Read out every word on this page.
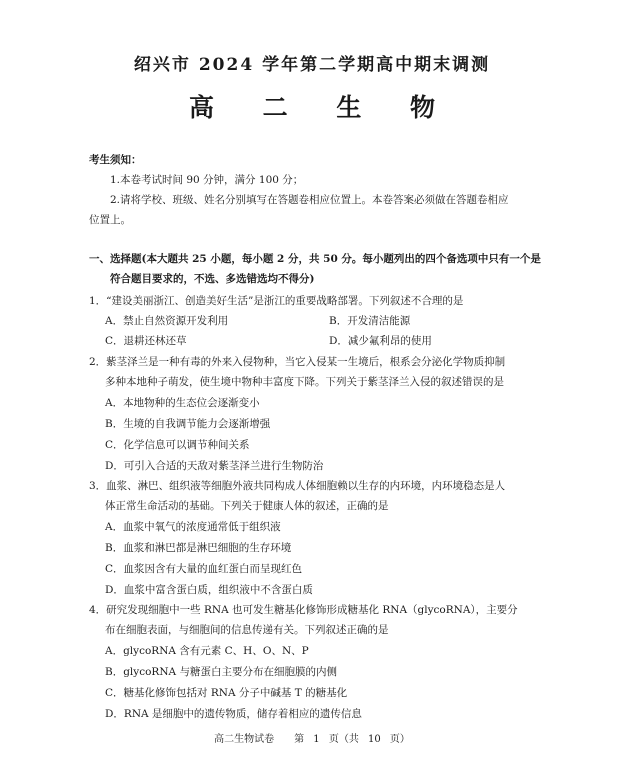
绍兴市 2024 学年第二学期高中期末调测
高 二 生 物
考生须知：
1.本卷考试时间 90 分钟，满分 100 分；
2.请将学校、班级、姓名分别填写在答题卷相应位置上。本卷答案必须做在答题卷相应
位置上。
一、选择题(本大题共 25 小题，每小题 2 分，共 50 分。每小题列出的四个备选项中只有一个是
符合题目要求的，不选、多选错选均不得分)
1．“建设美丽浙江、创造美好生活”是浙江的重要战略部署。下列叙述不合理的是
A．禁止自然资源开发利用	B．开发清洁能源
C．退耕还林还草	D．减少氟利昂的使用
2．紫茎泽兰是一种有毒的外来入侵物种，当它入侵某一生境后，根系会分泌化学物质抑制
多种本地种子萌发，使生境中物种丰富度下降。下列关于紫茎泽兰入侵的叙述错误的是
A．本地物种的生态位会逐渐变小
B．生境的自我调节能力会逐渐增强
C．化学信息可以调节种间关系
D．可引入合适的天敌对紫茎泽兰进行生物防治
3．血浆、淋巴、组织液等细胞外液共同构成人体细胞赖以生存的内环境，内环境稳态是人
体正常生命活动的基础。下列关于健康人体的叙述，正确的是
A．血浆中氧气的浓度通常低于组织液
B．血浆和淋巴都是淋巴细胞的生存环境
C．血浆因含有大量的血红蛋白而呈现红色
D．血浆中富含蛋白质，组织液中不含蛋白质
4．研究发现细胞中一些 RNA 也可发生糖基化修饰形成糖基化 RNA（glycoRNA），主要分
布在细胞表面，与细胞间的信息传递有关。下列叙述正确的是
A．glycoRNA 含有元素 C、H、O、N、P
B．glycoRNA 与糖蛋白主要分布在细胞膜的内侧
C．糖基化修饰包括对 RNA 分子中碱基 T 的糖基化
D．RNA 是细胞中的遗传物质，储存着相应的遗传信息
高二生物试卷　　第 1 页（共 10 页）
